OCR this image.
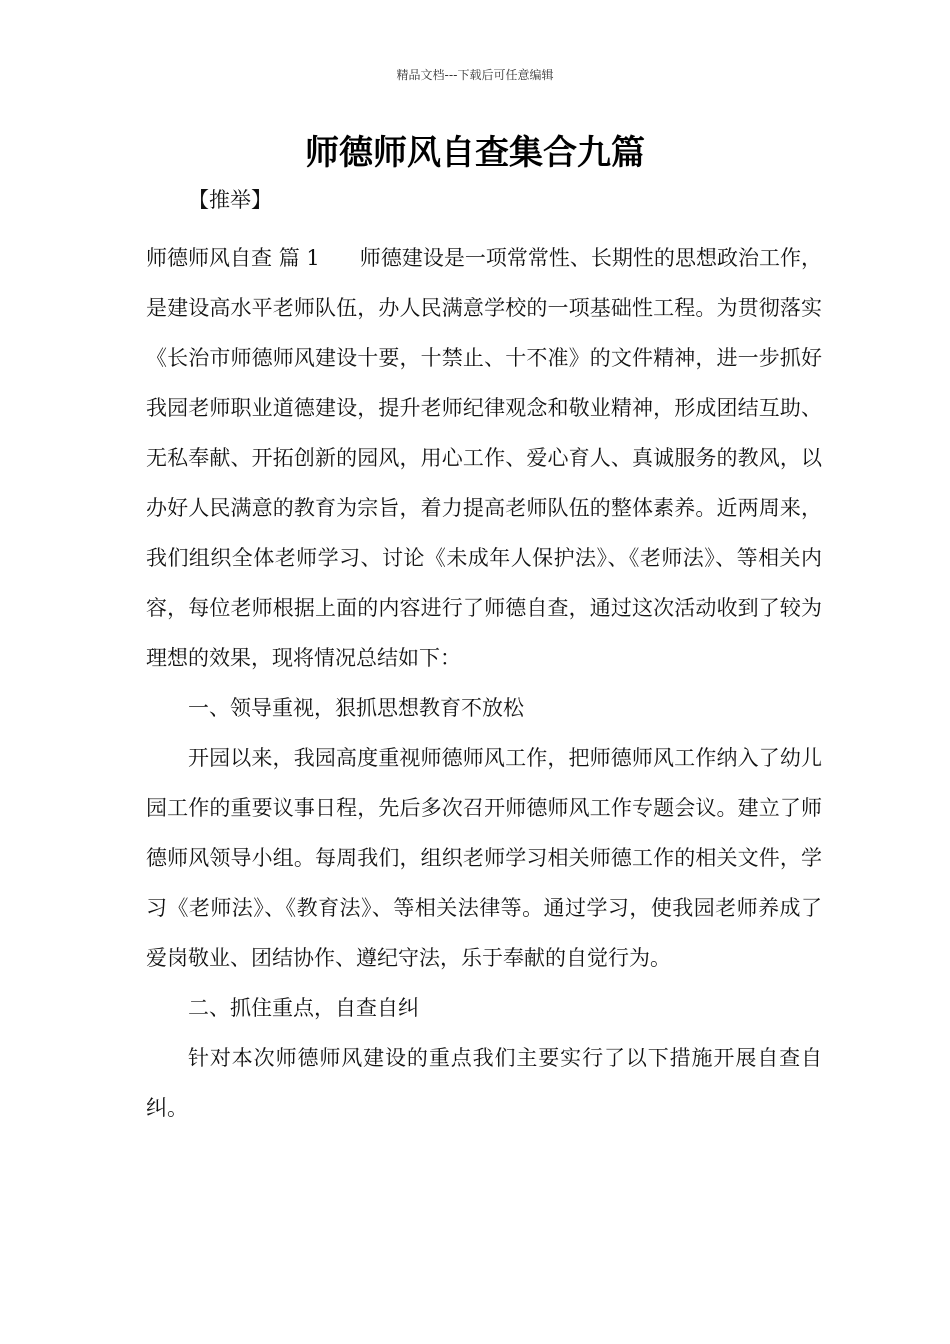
精品文档---下载后可任意编辑
师德师风自查集合九篇
【推举】

师德师风自查 篇 1 师德建设是一项常常性、长期性的思想政治工作，是建设高水平老师队伍，办人民满意学校的一项基础性工程。为贯彻落实《长治市师德师风建设十要，十禁止、十不准》的文件精神，进一步抓好我园老师职业道德建设，提升老师纪律观念和敬业精神，形成团结互助、无私奉献、开拓创新的园风，用心工作、爱心育人、真诚服务的教风，以办好人民满意的教育为宗旨，着力提高老师队伍的整体素养。近两周来，我们组织全体老师学习、讨论《未成年人保护法》、《老师法》、等相关内容，每位老师根据上面的内容进行了师德自查，通过这次活动收到了较为理想的效果，现将情况总结如下：

一、领导重视，狠抓思想教育不放松

开园以来，我园高度重视师德师风工作，把师德师风工作纳入了幼儿园工作的重要议事日程，先后多次召开师德师风工作专题会议。建立了师德师风领导小组。每周我们，组织老师学习相关师德工作的相关文件，学习《老师法》、《教育法》、等相关法律等。通过学习，使我园老师养成了爱岗敬业、团结协作、遵纪守法，乐于奉献的自觉行为。

二、抓住重点，自查自纠

针对本次师德师风建设的重点我们主要实行了以下措施开展自查自纠。
